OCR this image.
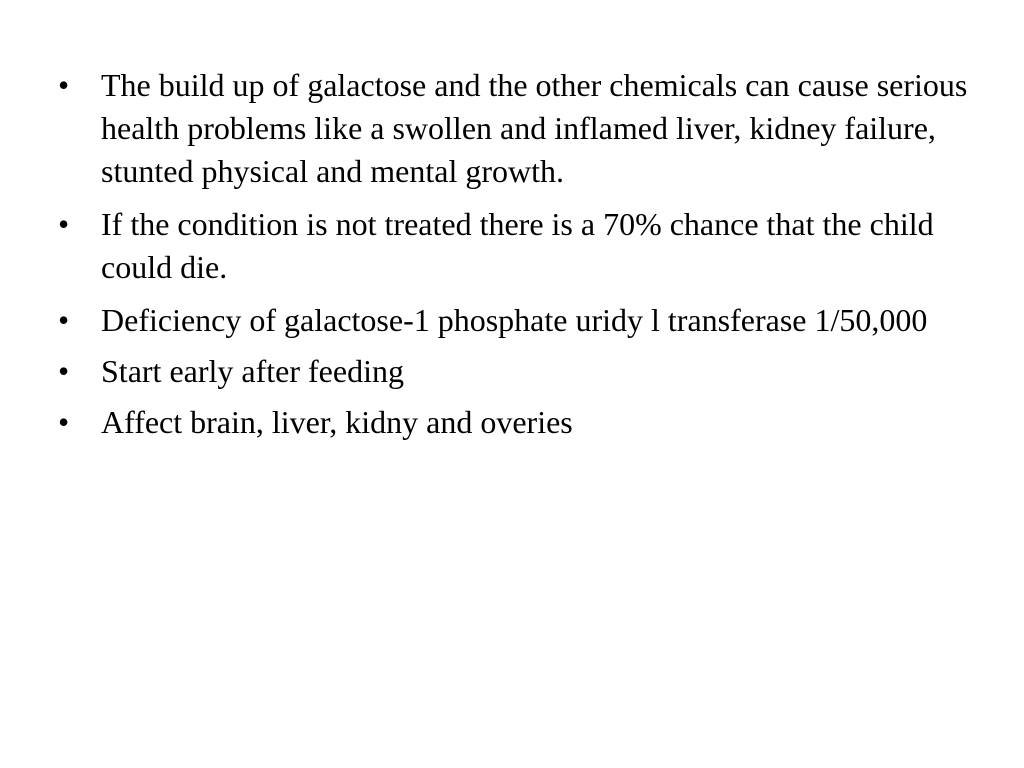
• The build up of galactose and the other chemicals can cause serious health problems like a swollen and inflamed liver, kidney failure, stunted physical and mental growth.
• If the condition is not treated there is a 70% chance that the child could die.
• Deficiency of galactose-1 phosphate uridy l transferase 1/50,000
• Start early after feeding
• Affect brain, liver, kidny and overies
